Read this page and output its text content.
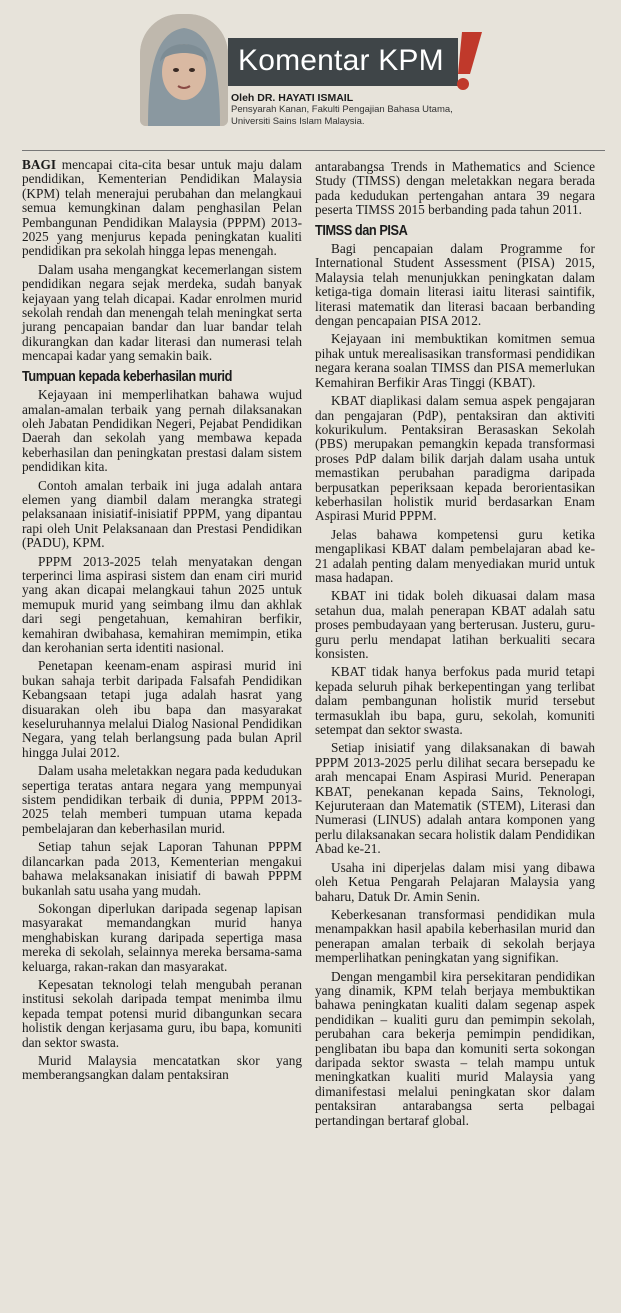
Komentar KPM
Oleh DR. HAYATI ISMAIL
Pensyarah Kanan, Fakulti Pengajian Bahasa Utama,
Universiti Sains Islam Malaysia.

BAGI mencapai cita-cita besar untuk maju dalam pendidikan, Kementerian Pendidikan Malaysia (KPM) telah menerajui perubahan dan melangkaui semua kemungkinan dalam penghasilan Pelan Pembangunan Pendidikan Malaysia (PPPM) 2013-2025 yang menjurus kepada peningkatan kualiti pendidikan pra sekolah hingga lepas menengah.

Dalam usaha mengangkat kecemerlangan sistem pendidikan negara sejak merdeka, sudah banyak kejayaan yang telah dicapai. Kadar enrolmen murid sekolah rendah dan menengah telah meningkat serta jurang pencapaian bandar dan luar bandar telah dikurangkan dan kadar literasi dan numerasi telah mencapai kadar yang semakin baik.

Tumpuan kepada keberhasilan murid

Kejayaan ini memperlihatkan bahawa wujud amalan-amalan terbaik yang pernah dilaksanakan oleh Jabatan Pendidikan Negeri, Pejabat Pendidikan Daerah dan sekolah yang membawa kepada keberhasilan dan peningkatan prestasi dalam sistem pendidikan kita.

Contoh amalan terbaik ini juga adalah antara elemen yang diambil dalam merangka strategi pelaksanaan inisiatif-inisiatif PPPM, yang dipantau rapi oleh Unit Pelaksanaan dan Prestasi Pendidikan (PADU), KPM.

PPPM 2013-2025 telah menyatakan dengan terperinci lima aspirasi sistem dan enam ciri murid yang akan dicapai melangkaui tahun 2025 untuk memupuk murid yang seimbang ilmu dan akhlak dari segi pengetahuan, kemahiran berfikir, kemahiran dwibahasa, kemahiran memimpin, etika dan kerohanian serta identiti nasional.

Penetapan keenam-enam aspirasi murid ini bukan sahaja terbit daripada Falsafah Pendidikan Kebangsaan tetapi juga adalah hasrat yang disuarakan oleh ibu bapa dan masyarakat keseluruhannya melalui Dialog Nasional Pendidikan Negara, yang telah berlangsung pada bulan April hingga Julai 2012.

Dalam usaha meletakkan negara pada kedudukan sepertiga teratas antara negara yang mempunyai sistem pendidikan terbaik di dunia, PPPM 2013-2025 telah memberi tumpuan utama kepada pembelajaran dan keberhasilan murid.

Setiap tahun sejak Laporan Tahunan PPPM dilancarkan pada 2013, Kementerian mengakui bahawa melaksanakan inisiatif di bawah PPPM bukanlah satu usaha yang mudah.

Sokongan diperlukan daripada segenap lapisan masyarakat memandangkan murid hanya menghabiskan kurang daripada sepertiga masa mereka di sekolah, selainnya mereka bersama-sama keluarga, rakan-rakan dan masyarakat.

Kepesatan teknologi telah mengubah peranan institusi sekolah daripada tempat menimba ilmu kepada tempat potensi murid dibangunkan secara holistik dengan kerjasama guru, ibu bapa, komuniti dan sektor swasta.

Murid Malaysia mencatatkan skor yang memberangsangkan dalam pentaksiran

antarabangsa Trends in Mathematics and Science Study (TIMSS) dengan meletakkan negara berada pada kedudukan pertengahan antara 39 negara peserta TIMSS 2015 berbanding pada tahun 2011.

TIMSS dan PISA

Bagi pencapaian dalam Programme for International Student Assessment (PISA) 2015, Malaysia telah menunjukkan peningkatan dalam ketiga-tiga domain literasi iaitu literasi saintifik, literasi matematik dan literasi bacaan berbanding dengan pencapaian PISA 2012.

Kejayaan ini membuktikan komitmen semua pihak untuk merealisasikan transformasi pendidikan negara kerana soalan TIMSS dan PISA memerlukan Kemahiran Berfikir Aras Tinggi (KBAT).

KBAT diaplikasi dalam semua aspek pengajaran dan pengajaran (PdP), pentaksiran dan aktiviti kokurikulum. Pentaksiran Berasaskan Sekolah (PBS) merupakan pemangkin kepada transformasi proses PdP dalam bilik darjah dalam usaha untuk memastikan perubahan paradigma daripada berpusatkan peperiksaan kepada berorientasikan keberhasilan holistik murid berdasarkan Enam Aspirasi Murid PPPM.

Jelas bahawa kompetensi guru ketika mengaplikasi KBAT dalam pembelajaran abad ke-21 adalah penting dalam menyediakan murid untuk masa hadapan.

KBAT ini tidak boleh dikuasai dalam masa setahun dua, malah penerapan KBAT adalah satu proses pembudayaan yang berterusan. Justeru, guru-guru perlu mendapat latihan berkualiti secara konsisten.

KBAT tidak hanya berfokus pada murid tetapi kepada seluruh pihak berkepentingan yang terlibat dalam pembangunan holistik murid tersebut termasuklah ibu bapa, guru, sekolah, komuniti setempat dan sektor swasta.

Setiap inisiatif yang dilaksanakan di bawah PPPM 2013-2025 perlu dilihat secara bersepadu ke arah mencapai Enam Aspirasi Murid. Penerapan KBAT, penekanan kepada Sains, Teknologi, Kejuruteraan dan Matematik (STEM), Literasi dan Numerasi (LINUS) adalah antara komponen yang perlu dilaksanakan secara holistik dalam Pendidikan Abad ke-21.

Usaha ini diperjelas dalam misi yang dibawa oleh Ketua Pengarah Pelajaran Malaysia yang baharu, Datuk Dr. Amin Senin.

Keberkesanan transformasi pendidikan mula menampakkan hasil apabila keberhasilan murid dan penerapan amalan terbaik di sekolah berjaya memperlihatkan peningkatan yang signifikan.

Dengan mengambil kira persekitaran pendidikan yang dinamik, KPM telah berjaya membuktikan bahawa peningkatan kualiti dalam segenap aspek pendidikan – kualiti guru dan pemimpin sekolah, perubahan cara bekerja pemimpin pendidikan, penglibatan ibu bapa dan komuniti serta sokongan daripada sektor swasta – telah mampu untuk meningkatkan kualiti murid Malaysia yang dimanifestasi melalui peningkatan skor dalam pentaksiran antarabangsa serta pelbagai pertandingan bertaraf global.
